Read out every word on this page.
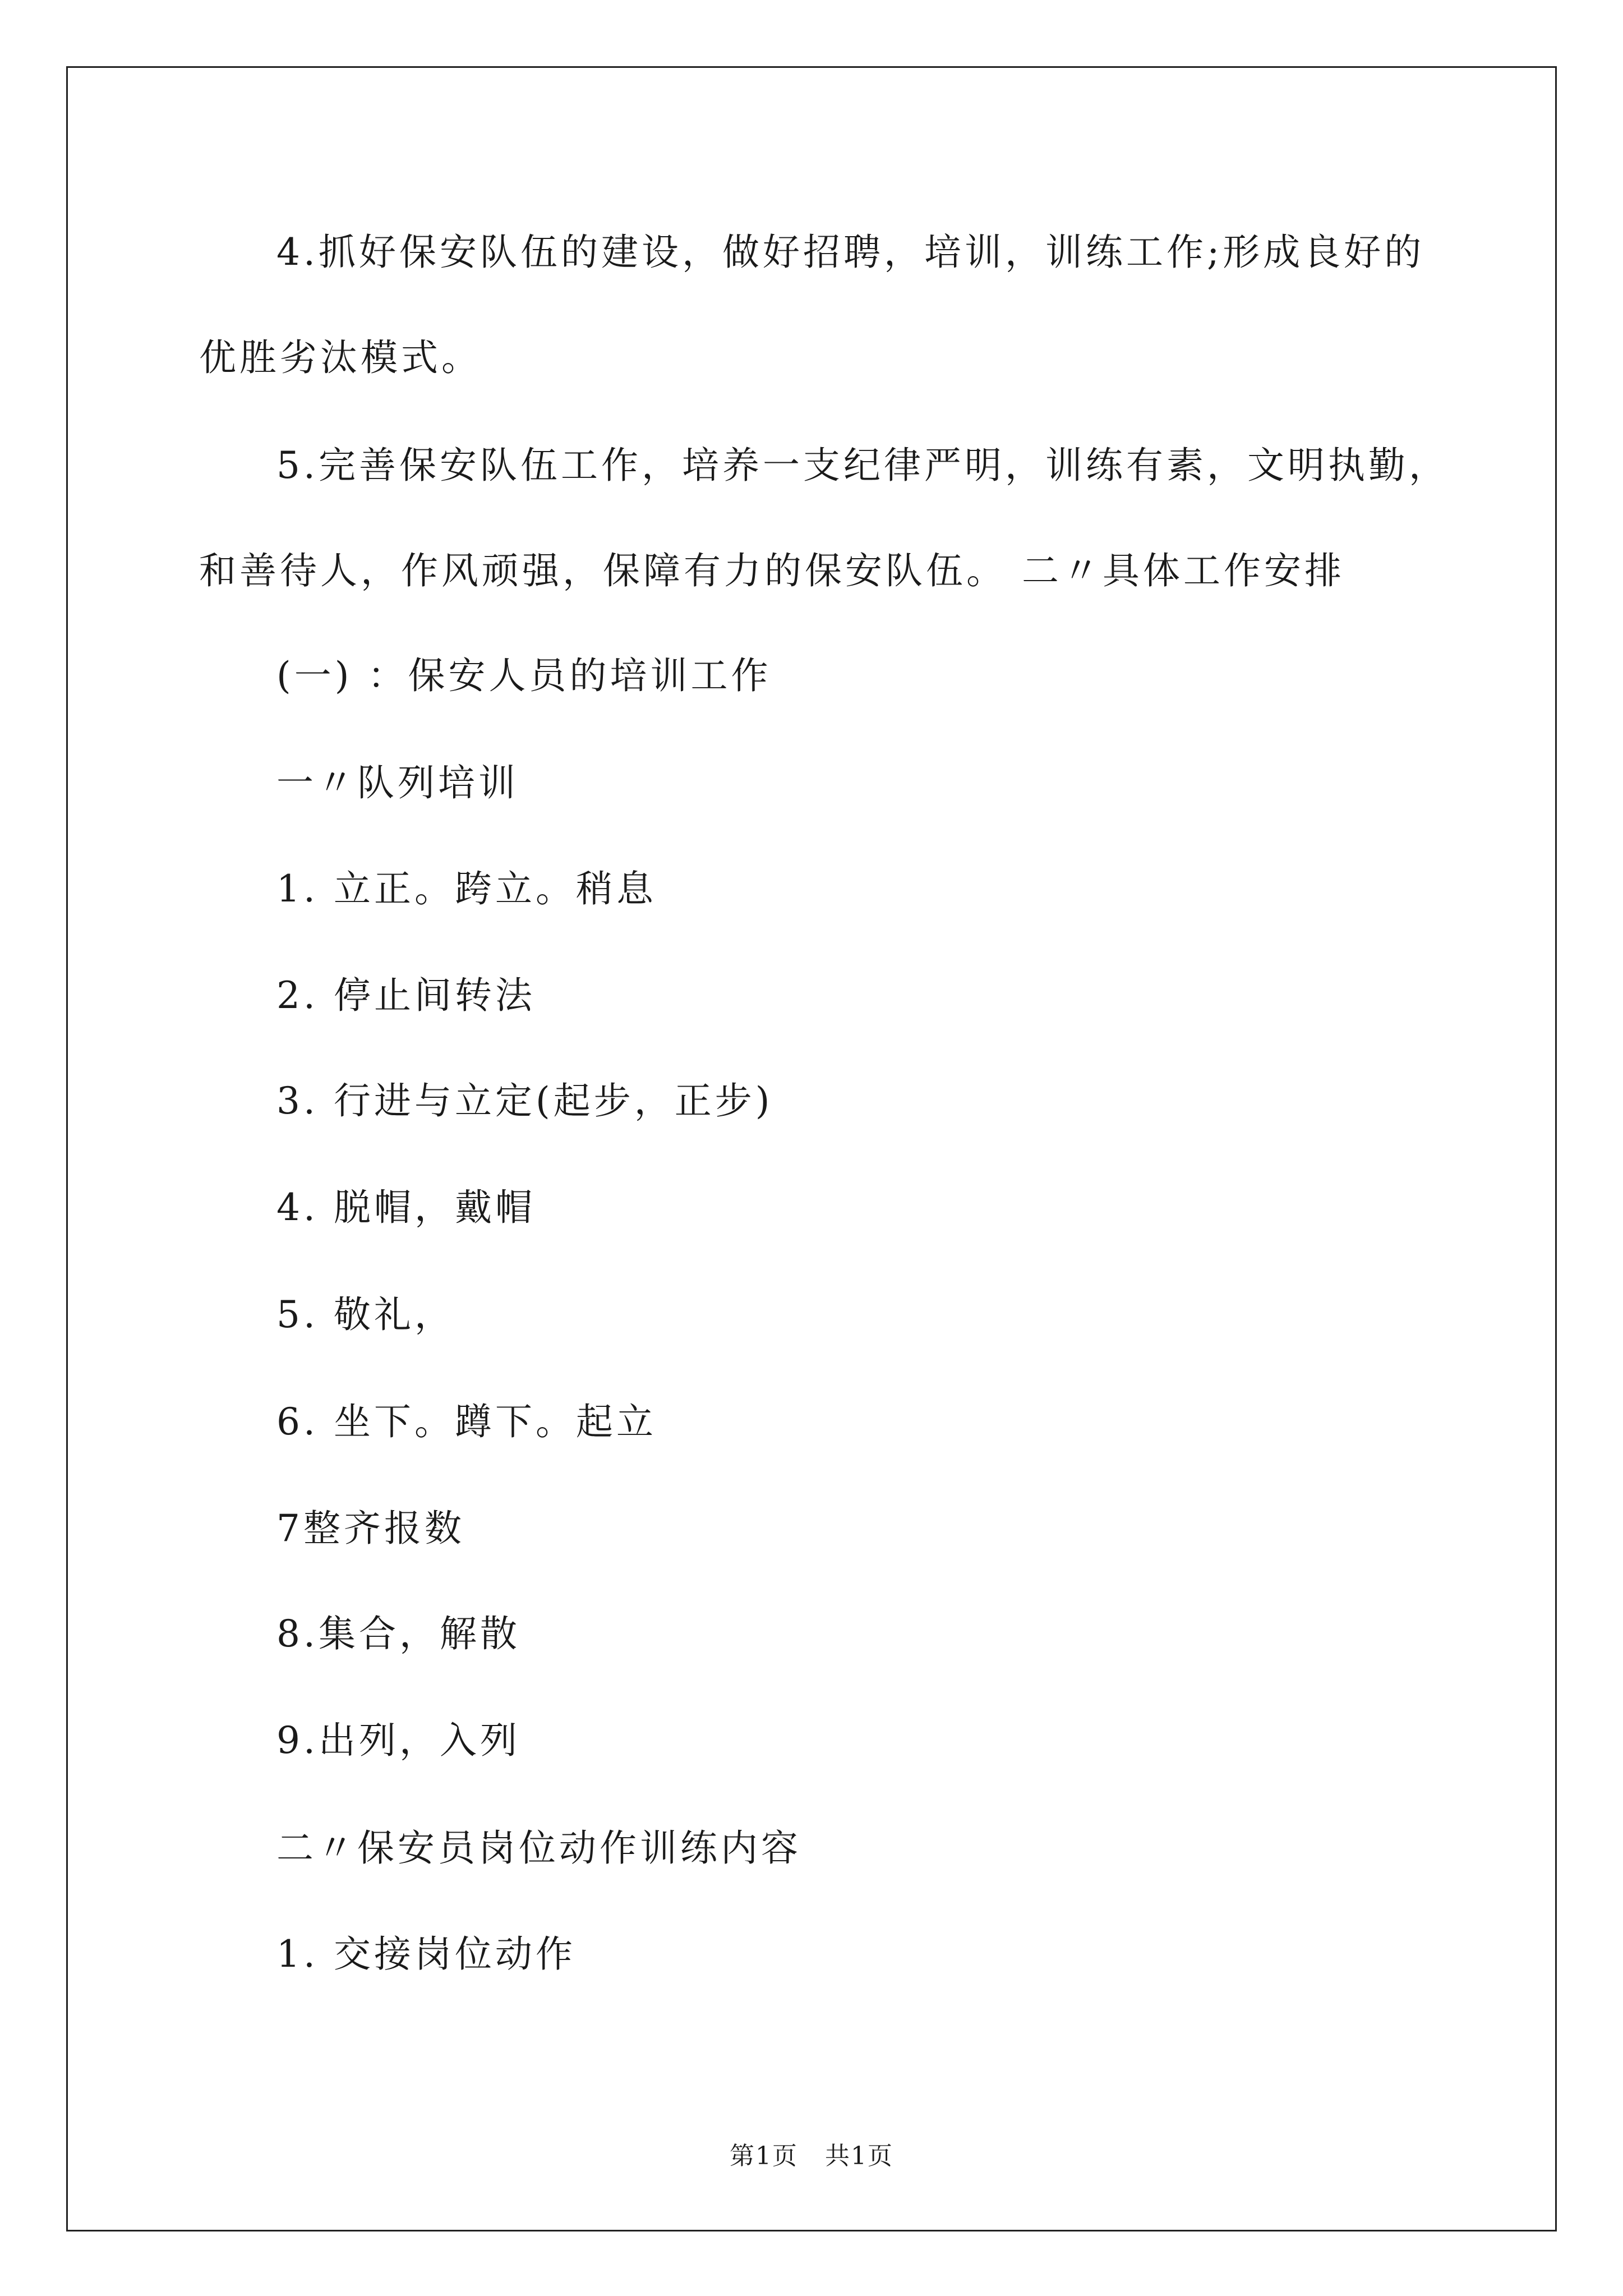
4.抓好保安队伍的建设，做好招聘，培训，训练工作;形成良好的
优胜劣汰模式。
5.完善保安队伍工作，培养一支纪律严明，训练有素，文明执勤，
和善待人，作风顽强，保障有力的保安队伍。 二〃具体工作安排
(一) ：保安人员的培训工作
一〃队列培训
1. 立正。跨立。稍息
2. 停止间转法
3. 行进与立定(起步，正步)
4. 脱帽，戴帽
5. 敬礼，
6. 坐下。蹲下。起立
7整齐报数
8.集合，解散
9.出列，入列
二〃保安员岗位动作训练内容
1. 交接岗位动作
第1页   共1页
